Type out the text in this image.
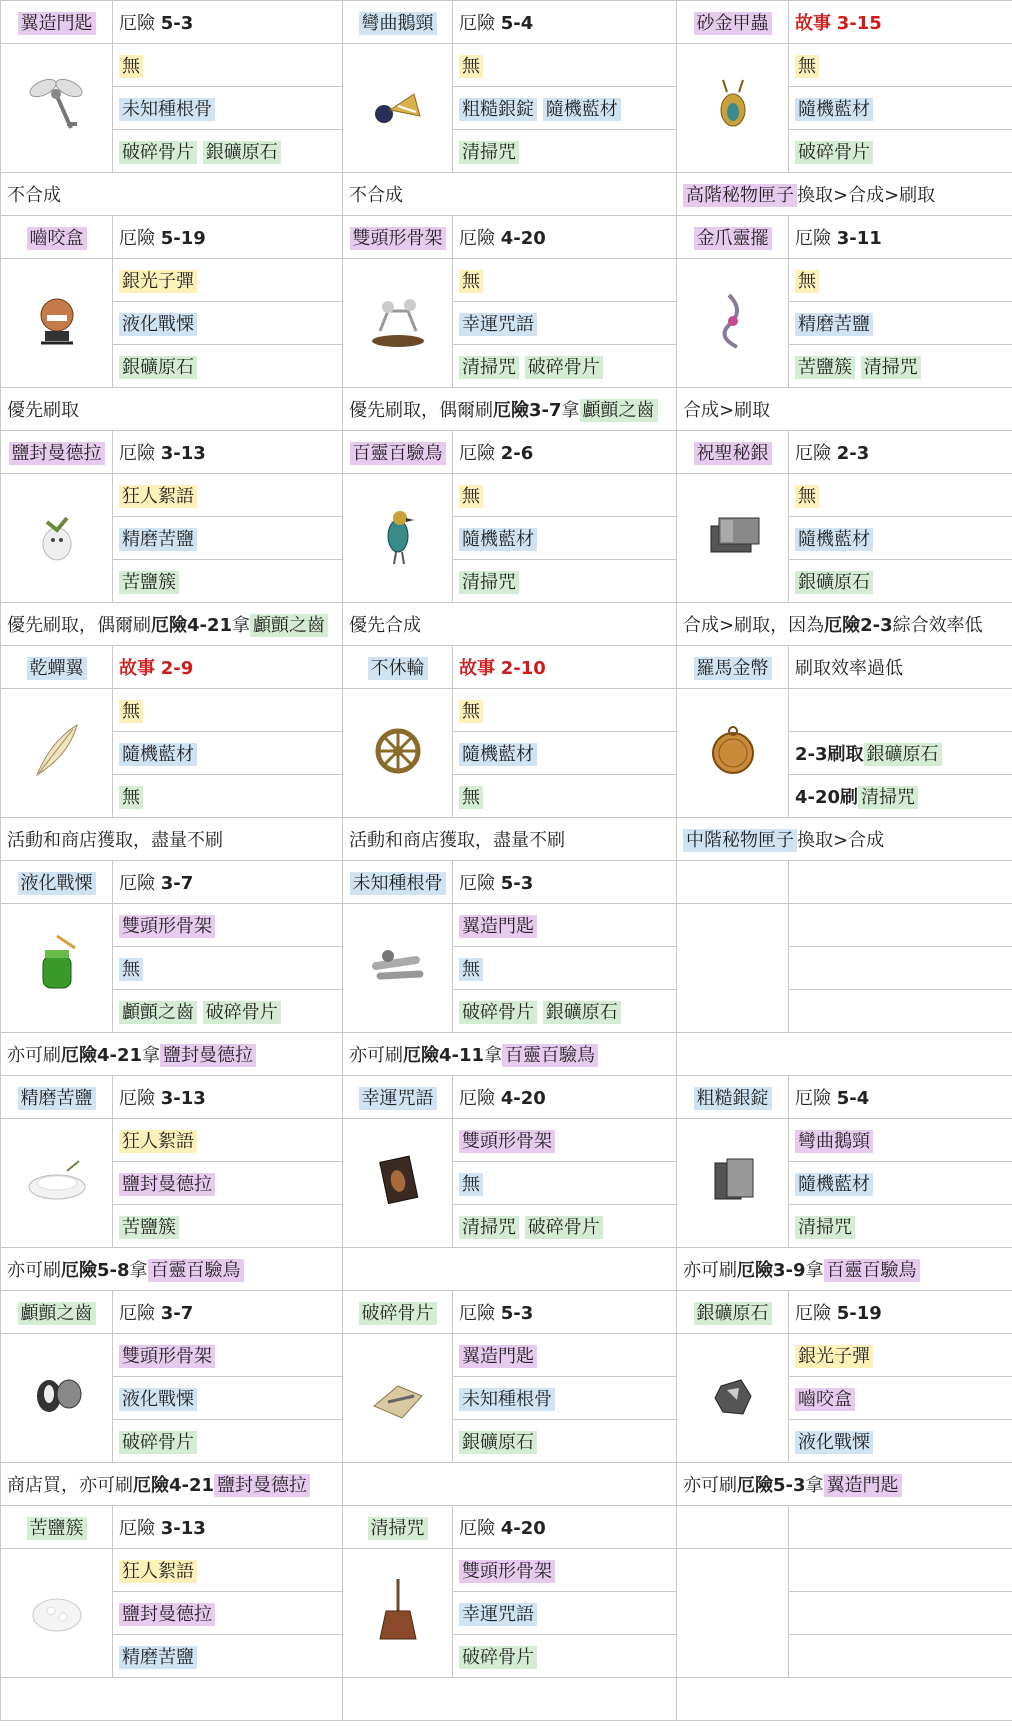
翼造門匙	厄險 5-3	彎曲鵝頸	厄險 5-4	砂金甲蟲	故事 3-15
	無		無		無
	未知種根骨		粗糙銀錠 隨機藍材		隨機藍材
	破碎骨片 銀礦原石		清掃咒		破碎骨片
不合成		不合成		高階秘物匣子 換取>合成>刷取	
嚙咬盒	厄險 5-19	雙頭形骨架	厄險 4-20	金爪靈擺	厄險 3-11
	銀光子彈		無		無
	液化戰慄		幸運咒語		精磨苦鹽
	銀礦原石		清掃咒 破碎骨片		苦鹽簇 清掃咒
優先刷取		優先刷取，偶爾刷厄險3-7拿 顱顫之齒		合成>刷取	
鹽封曼德拉	厄險 3-13	百靈百驗鳥	厄險 2-6	祝聖秘銀	厄險 2-3
	狂人絮語		無		無
	精磨苦鹽		隨機藍材		隨機藍材
	苦鹽簇		清掃咒		銀礦原石
優先刷取，偶爾刷厄險4-21拿 顱顫之齒		優先合成		合成>刷取，因為厄險2-3綜合效率低	
乾蟬翼	故事 2-9	不休輪	故事 2-10	羅馬金幣	刷取效率過低
	無		無		
	隨機藍材		隨機藍材		2-3刷取 銀礦原石
	無		無		4-20刷 清掃咒
活動和商店獲取，盡量不刷		活動和商店獲取，盡量不刷		中階秘物匣子 換取>合成	
液化戰慄	厄險 3-7	未知種根骨	厄險 5-3		
	雙頭形骨架		翼造門匙		
	無		無		
	顱顫之齒 破碎骨片		破碎骨片 銀礦原石		
亦可刷厄險4-21拿 鹽封曼德拉		亦可刷厄險4-11拿 百靈百驗鳥			
精磨苦鹽	厄險 3-13	幸運咒語	厄險 4-20	粗糙銀錠	厄險 5-4
	狂人絮語		雙頭形骨架		彎曲鵝頸
	鹽封曼德拉		無		隨機藍材
	苦鹽簇		清掃咒 破碎骨片		清掃咒
亦可刷厄險5-8拿 百靈百驗鳥				亦可刷厄險3-9拿 百靈百驗鳥	
顱顫之齒	厄險 3-7	破碎骨片	厄險 5-3	銀礦原石	厄險 5-19
	雙頭形骨架		翼造門匙		銀光子彈
	液化戰慄		未知種根骨		嚙咬盒
	破碎骨片		銀礦原石		液化戰慄
商店買，亦可刷厄險4-21 鹽封曼德拉				亦可刷厄險5-3拿 翼造門匙	
苦鹽簇	厄險 3-13	清掃咒	厄險 4-20		
	狂人絮語		雙頭形骨架		
	鹽封曼德拉		幸運咒語		
	精磨苦鹽		破碎骨片		
